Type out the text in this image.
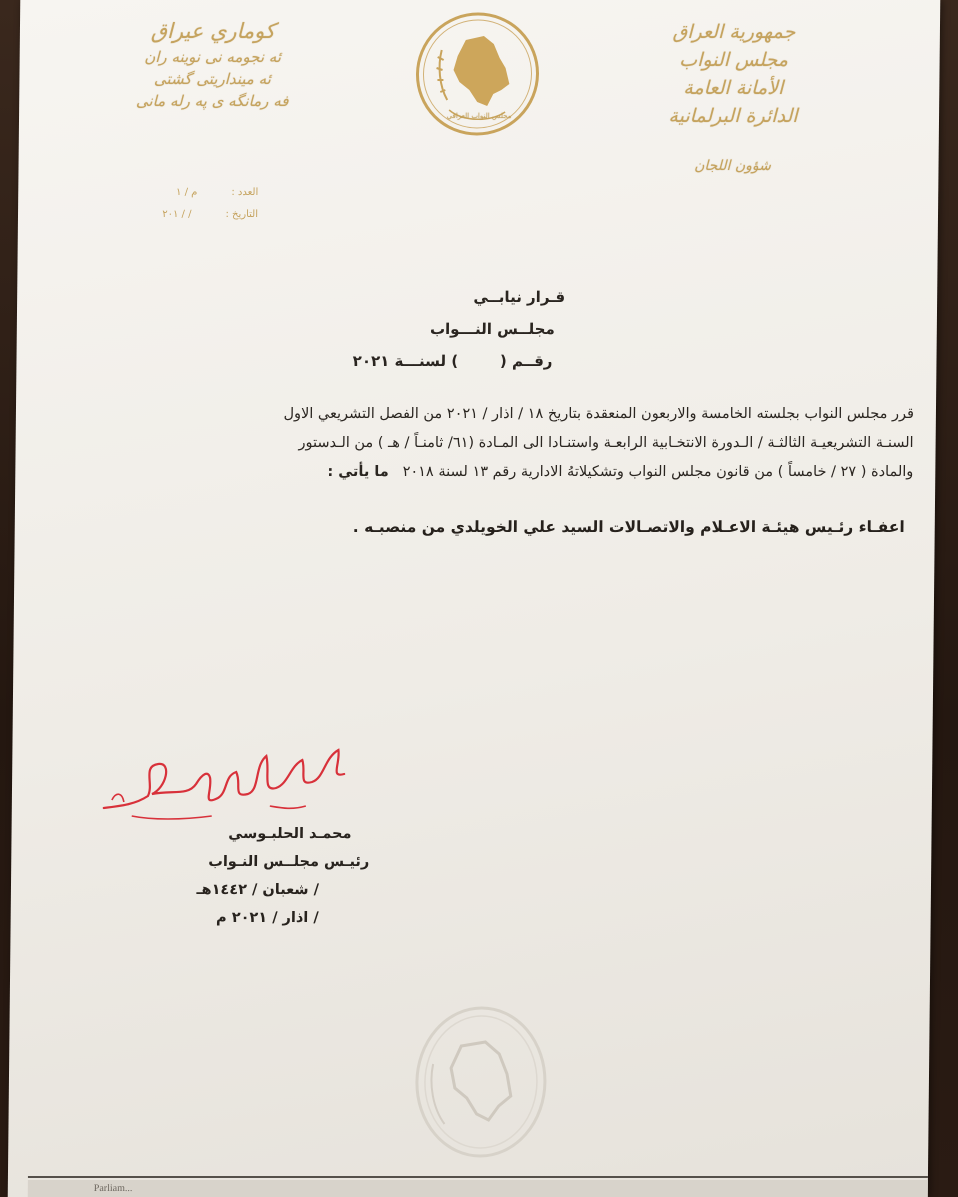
جمهورية العراق
مجلس النواب
الأمانة العامة
الدائرة البرلمانية
شؤون اللجان
كوماري عيراق
ئه نجومه نى نوينه ران
ئه مينداريتى گشتى
فه رمانگه ى په رله مانى
العدد :
م / ١
التاريخ :
/ / ٢٠١
مجلس النواب العراقي
قـرار نيابــي
مجلــس النـــواب
رقــم (        ) لسنـــة ٢٠٢١

قرر مجلس النواب بجلسته الخامسة والاربعون المنعقدة بتاريخ ١٨ / اذار / ٢٠٢١ من الفصل التشريعي الاول

السنـة التشريعيـة الثالثـة / الـدورة الانتخـابية الرابعـة واستنـادا الى المـادة (٦١/ ثامنـاً / هـ ) من الـدستور

والمادة ( ٢٧ / خامساً ) من قانون مجلس النواب وتشكيلاتهُ الادارية رقم ١٣ لسنة ٢٠١٨   ما يأتي :

اعفـاء رئـيس هيئـة الاعـلام والاتصـالات السيد علي الخويلدي من منصبـه .
محمـد الحلبـوسي
رئيـس مجلــس النـواب
/ شعبان / ١٤٤٢هـ
/ اذار / ٢٠٢١ م
Parliam...
